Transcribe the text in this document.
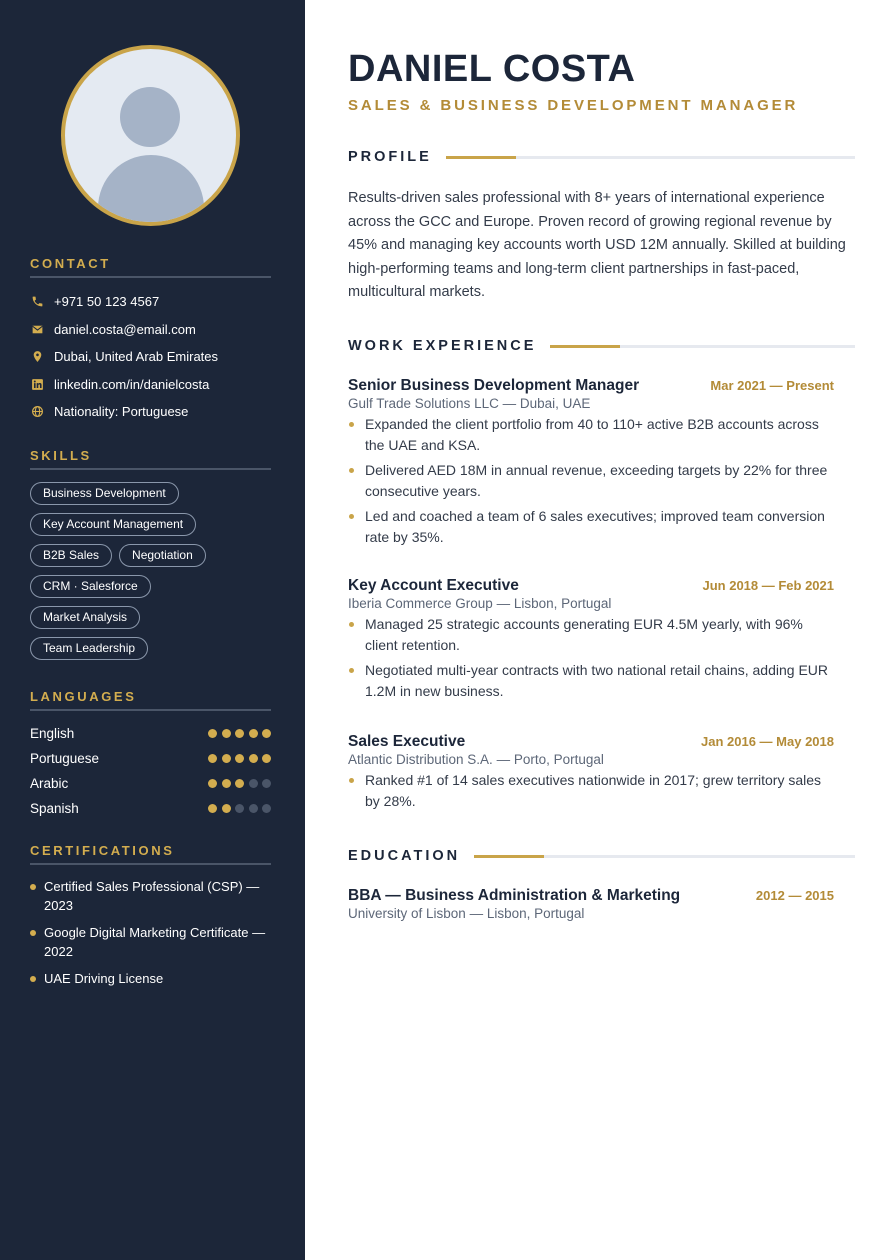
CONTACT
+971 50 123 4567
daniel.costa@email.com
Dubai, United Arab Emirates
linkedin.com/in/danielcosta
Nationality: Portuguese
SKILLS
Business Development
Key Account Management
B2B Sales	Negotiation
CRM · Salesforce
Market Analysis
Team Leadership
LANGUAGES
English
Portuguese
Arabic
Spanish
CERTIFICATIONS
Certified Sales Professional (CSP) — 2023
Google Digital Marketing Certificate — 2022
UAE Driving License
DANIEL COSTA
SALES & BUSINESS DEVELOPMENT MANAGER
PROFILE

Results-driven sales professional with 8+ years of international experience across the GCC and Europe. Proven record of growing regional revenue by 45% and managing key accounts worth USD 12M annually. Skilled at building high-performing teams and long-term client partnerships in fast-paced, multicultural markets.

WORK EXPERIENCE
Senior Business Development Manager	Mar 2021 — Present
Gulf Trade Solutions LLC — Dubai, UAE
Expanded the client portfolio from 40 to 110+ active B2B accounts across the UAE and KSA.
Delivered AED 18M in annual revenue, exceeding targets by 22% for three consecutive years.
Led and coached a team of 6 sales executives; improved team conversion rate by 35%.
Key Account Executive	Jun 2018 — Feb 2021
Iberia Commerce Group — Lisbon, Portugal
Managed 25 strategic accounts generating EUR 4.5M yearly, with 96% client retention.
Negotiated multi-year contracts with two national retail chains, adding EUR 1.2M in new business.
Sales Executive	Jan 2016 — May 2018
Atlantic Distribution S.A. — Porto, Portugal
Ranked #1 of 14 sales executives nationwide in 2017; grew territory sales by 28%.
EDUCATION
BBA — Business Administration & Marketing	2012 — 2015
University of Lisbon — Lisbon, Portugal
